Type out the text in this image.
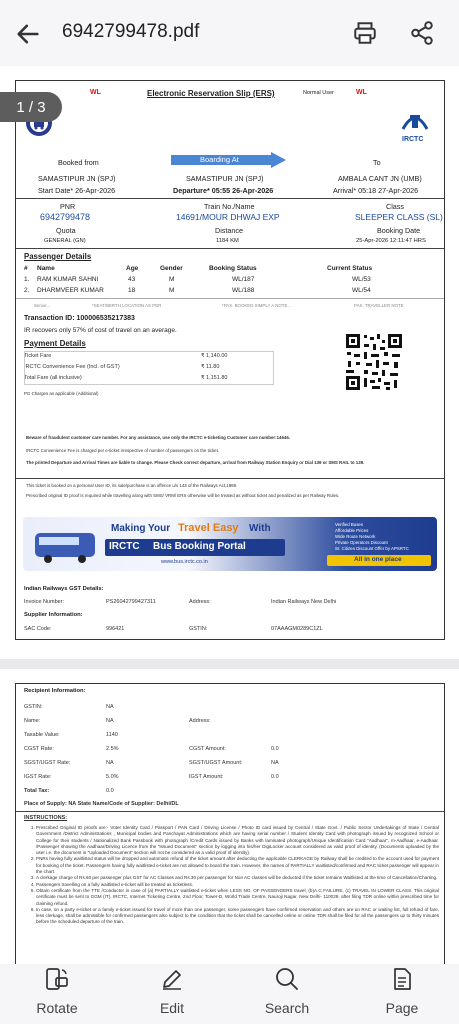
6942799478.pdf
1 / 3
WL	Electronic Reservation Slip (ERS)	Normal User	WL
IRCTC
Booked from	Boarding At	To
SAMASTIPUR JN (SPJ)	SAMASTIPUR JN (SPJ)	AMBALA CANT JN (UMB)
Start Date* 26-Apr-2026	Departure* 05:55 26-Apr-2026	Arrival* 05:18 27-Apr-2026
PNR	Train No./Name	Class
6942799478	14691/MOUR DHWAJ EXP	SLEEPER CLASS (SL)
Quota	Distance	Booking Date
GENERAL (GN)	1184 KM	25-Apr-2026 12:11:47 HRS
Passenger Details
# Name	Age	Gender	Booking Status	Current Status
1. RAM KUMAR SAHNI	43	M	WL/187	WL/53
2. DHARMVEER KUMAR	18	M	WL/188	WL/54
Senior...	*SEAT/BERTH LOCATION AS PER	*PAX. BOOKED SIMPLY A NOTE...	PAX. TRAVELLER NOTE
Transaction ID: 100006535217383
IR recovers only 57% of cost of travel on an average.
Payment Details
Ticket Fare	₹ 1,140.00
IRCTC Convenience Fee (Incl. of GST)	₹ 11.80
Total Fare (all inclusive)	₹ 1,151.80
PG Charges as applicable (Additional)
Beware of fraudulent customer care number. For any assistance, use only the IRCTC e-ticketing Customer care number:14646.
IRCTC Convenience Fee is charged per e-ticket irrespective of number of passengers on the ticket.
The printed Departure and Arrival Times are liable to change. Please Check correct departure, arrival from Railway Station Enquiry or Dial 139 or SMS RAIL to 139.
This ticket is booked on a personal User ID, its sale/purchase is an offence u/s 143 of the Railways Act,1989.
Prescribed original ID proof is required while travelling along with SMS/ VRM/ ERS otherwise will be treated as without ticket and penalized as per Railway Rules.
Making Your Travel Easy With
IRCTC Bus Booking Portal
www.bus.irctc.co.in
Verified Buses
Affordable Prices
Wide Route Network
Private Operators Discount
Sr. Citizen Discount Offer by APSRTC
All in one place
Indian Railways GST Details:
Invoice Number:	PS26042799427311	Address:	Indian Railways New Delhi
Supplier Information:
SAC Code:	996421	GSTIN:	07AAAGM0289C1ZL
Recipient Information:
GSTIN:	NA
Name:	NA	Address:
Taxable Value:	1140
CGST Rate:	2.5%	CGST Amount:	0.0
SGST/UGST Rate:	NA	SGST/UGST Amount:	NA
IGST Rate:	5.0%	IGST Amount:	0.0
Total Tax:	0.0
Place of Supply: NA State Name/Code of Supplier: Delhi/DL
INSTRUCTIONS:
1. Prescribed Original ID proofs are:- Voter Identity Card / Passport / PAN Card / Driving License / Photo ID card issued by Central / State Govt. / Public Sector Undertakings of State / Central Government /District Administrations , Municipal bodies and Panchayat Administrations which are having serial number / Student Identity Card with photograph issued by recognized School or College for their students / Nationalized Bank Passbook with photograph /Credit Cards issued by Banks with laminated photograph/Unique Identification Card "Aadhaar", m-Aadhaar, e-Aadhaar. /Passenger showing the Aadhaar/Driving Licence from the "Issued Document" section by logging into his/her DigiLocker account considered as valid proof of identity. (Documents uploaded by the user i.e. the document in "Uploaded Document" section will not be considered as a valid proof of identity).
2. PNRs having fully waitlisted status will be dropped and automatic refund of the ticket amount after deducting the applicable CLERKAGE by Railway shall be credited to the account used for payment for booking of the ticket. Passengers having fully waitlisted e-ticket are not allowed to board the train. However, the names of PARTIALLY waitlisted/confirmed and RAC ticket passenger will appear in the chart.
3. A clerkage charge of Rs.60 per passenger plus GST for AC Classes and Rs.30 per passenger for Non AC classes will be deducted if the ticket remains Waitlisted at the time of Cancellation/Charting.
4. Passengers travelling on a fully waitlisted e-ticket will be treated as ticketless.
5. Obtain certificate from the TTE /Conductor in case of (a) PARTIALLY waitlisted e-ticket when LESS NO. OF PASSENGERS travel, (b)A.C FAILURE, (c) TRAVEL IN LOWER CLASS. This original certificate must be sent to GGM (IT), IRCTC, Internet Ticketing Centre, 2nd Floor, Tower-D, World Trade Centre, Nauroji Nagar, New Delhi- 110029, after filing TDR online within prescribed time for claiming refund.
6. In case, on a party e-ticket or a family e-ticket issued for travel of more than one passenger, some passengers have confirmed reservation and others are on RAC or waiting list, full refund of fare, less clerkage, shall be admissible for confirmed passengers also subject to the condition that the ticket shall be cancelled online or online TDR shall be filed for all the passengers up to thirty minutes before the scheduled departure of the train.
Rotate	Edit	Search	Page
